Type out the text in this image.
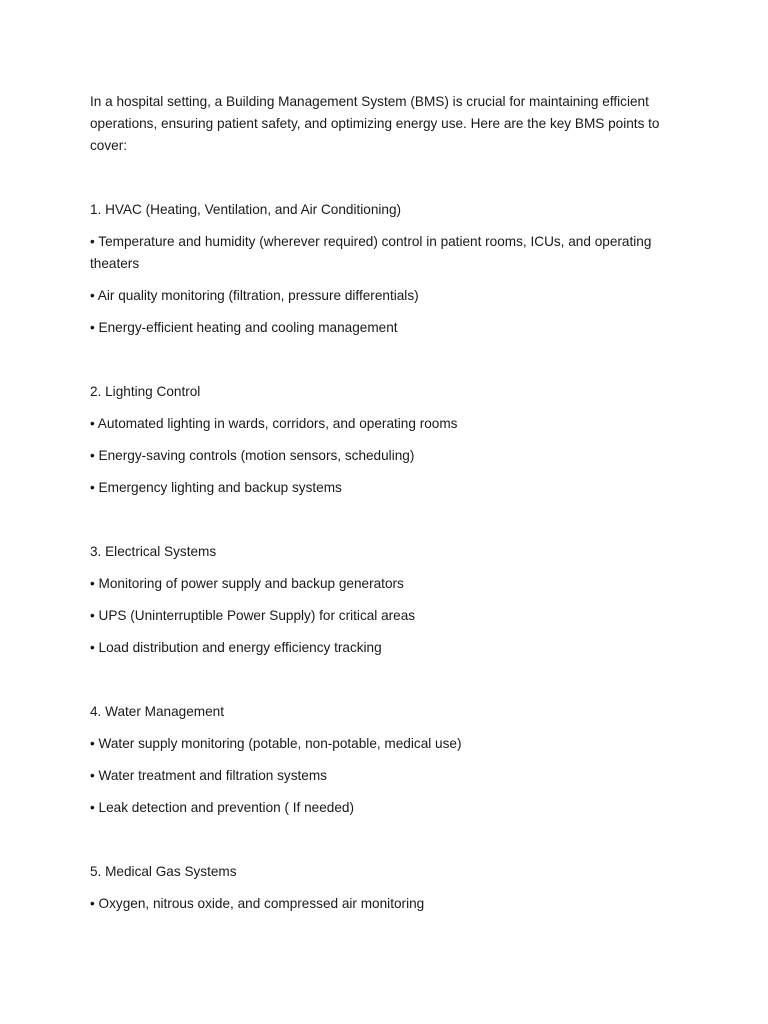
In a hospital setting, a Building Management System (BMS) is crucial for maintaining efficient operations, ensuring patient safety, and optimizing energy use. Here are the key BMS points to cover:

1. HVAC (Heating, Ventilation, and Air Conditioning)

• Temperature and humidity (wherever required) control in patient rooms, ICUs, and operating theaters

• Air quality monitoring (filtration, pressure differentials)

• Energy-efficient heating and cooling management

2. Lighting Control

• Automated lighting in wards, corridors, and operating rooms

• Energy-saving controls (motion sensors, scheduling)

• Emergency lighting and backup systems

3. Electrical Systems

• Monitoring of power supply and backup generators

• UPS (Uninterruptible Power Supply) for critical areas

• Load distribution and energy efficiency tracking

4. Water Management

• Water supply monitoring (potable, non-potable, medical use)

• Water treatment and filtration systems

• Leak detection and prevention ( If needed)

5. Medical Gas Systems

• Oxygen, nitrous oxide, and compressed air monitoring
